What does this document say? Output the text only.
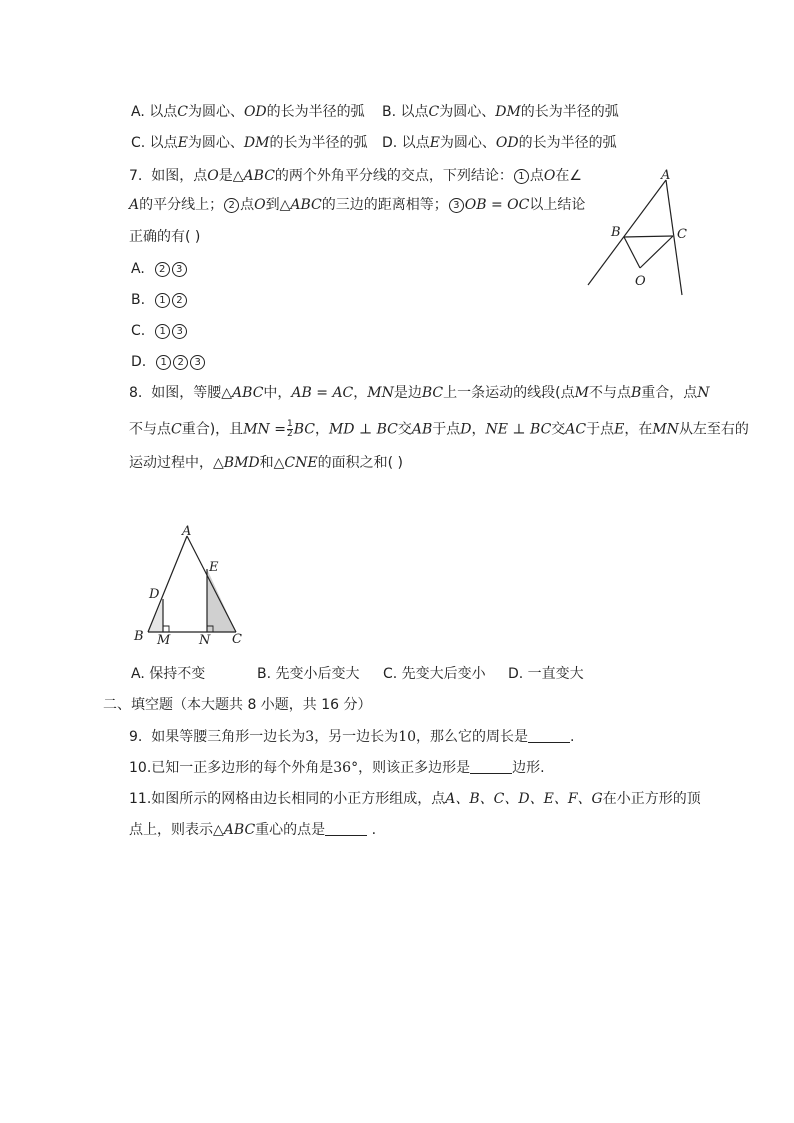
A. 以点C为圆心、OD的长为半径的弧 B. 以点C为圆心、DM的长为半径的弧
C. 以点E为圆心、DM的长为半径的弧 D. 以点E为圆心、OD的长为半径的弧
7. 如图，点O是△ABC的两个外角平分线的交点，下列结论： 1 点O在∠
A的平分线上； 2 点O到△ABC的三边的距离相等； 3 OB = OC以上结论
正确的有( )
A. 2 3
B. 1 2
C. 1 3
D. 1 2 3
A
B	C
O
8. 如图，等腰△ABC中，AB = AC，MN是边BC上一条运动的线段(点M不与点B重合，点N
不与点C重合)，且MN = $\frac{1}{2}$ BC，MD ⊥ BC交AB于点D，NE ⊥ BC交AC于点E，在MN从左至右的
运动过程中，△BMD和△CNE的面积之和( )
A
B	C
D
E
M N
A. 保持不变	B. 先变小后变大 C. 先变大后变小 D. 一直变大
二、填空题（本大题共 8 小题，共 16 分）
9. 如果等腰三角形一边长为3，另一边长为10，那么它的周长是	.
10.已知一正多边形的每个外角是36°，则该正多边形是	边形.
11.如图所示的网格由边长相同的小正方形组成，点A、B、C、D、E、F、G在小正方形的顶
点上，则表示△ABC重心的点是	.
